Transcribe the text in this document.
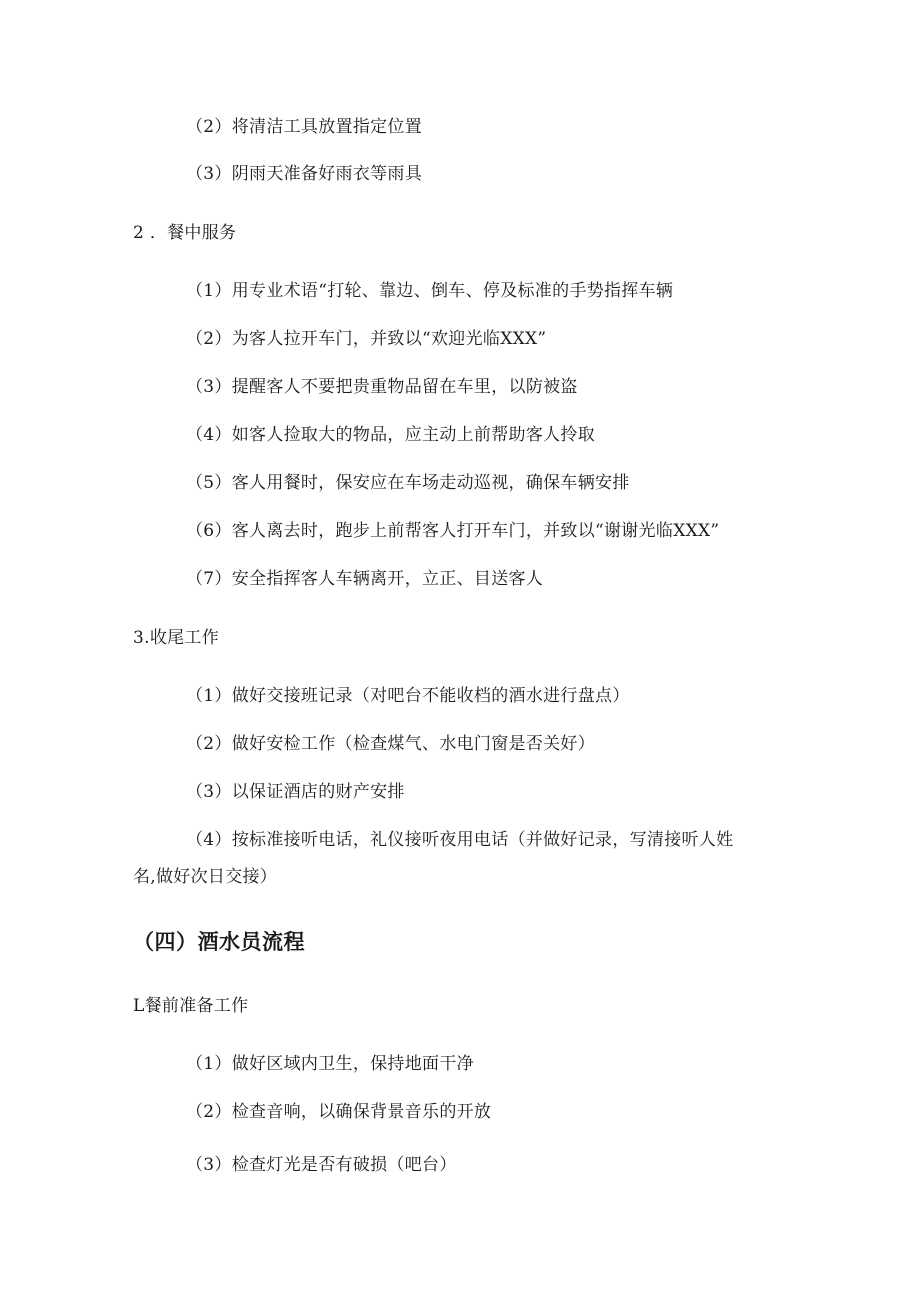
（2）将清洁工具放置指定位置
（3）阴雨天准备好雨衣等雨具
2 ．餐中服务
（1）用专业术语“打轮、靠边、倒车、停及标准的手势指挥车辆
（2）为客人拉开车门，并致以“欢迎光临XXX”
（3）提醒客人不要把贵重物品留在车里，以防被盗
（4）如客人捡取大的物品，应主动上前帮助客人拎取
（5）客人用餐时，保安应在车场走动巡视，确保车辆安排
（6）客人离去时，跑步上前帮客人打开车门，并致以“谢谢光临XXX”
（7）安全指挥客人车辆离开，立正、目送客人
3.收尾工作
（1）做好交接班记录（对吧台不能收档的酒水进行盘点）
（2）做好安检工作（检查煤气、水电门窗是否关好）
（3）以保证酒店的财产安排
（4）按标准接听电话，礼仪接听夜用电话（并做好记录，写清接听人姓
名,做好次日交接）
（四）酒水员流程
L餐前准备工作
（1）做好区域内卫生，保持地面干净
（2）检查音响，以确保背景音乐的开放
（3）检查灯光是否有破损（吧台）
